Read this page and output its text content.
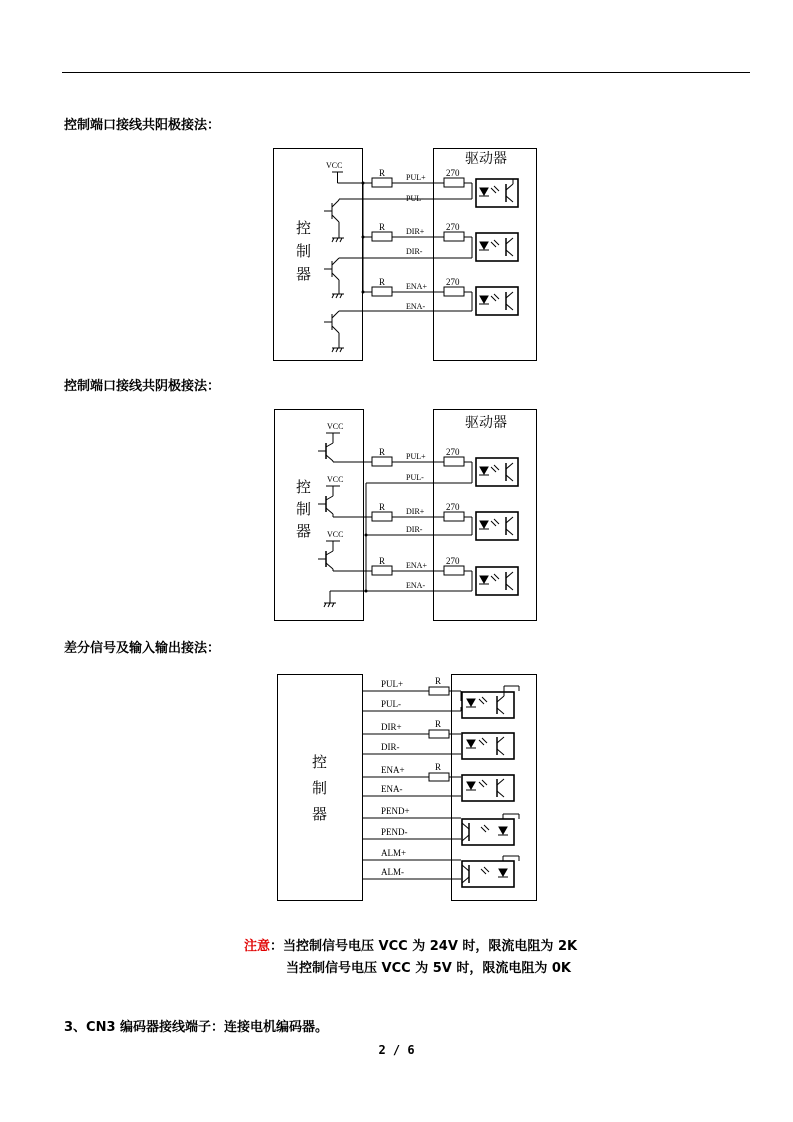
控制端口接线共阳极接法：
驱动器
控
制
器
VCC
R	PUL+
PUL-
270
R	DIR+
DIR-
270
R	ENA+
ENA-
270
控制端口接线共阴极接法：
驱动器
控
制
器
VCC
VCC
VCC
R	PUL+
PUL-
270
R	DIR+
DIR-
270
R	ENA+
ENA-
270
差分信号及输入输出接法：
控
制
器
PUL+	R
PUL-
DIR+	R
DIR-
ENA+	R
ENA-
PEND+
PEND-
ALM+
ALM-
注意：当控制信号电压 VCC 为 24V 时，限流电阻为 2K
当控制信号电压 VCC 为 5V 时，限流电阻为 0K
3、CN3 编码器接线端子：连接电机编码器。
2 / 6
